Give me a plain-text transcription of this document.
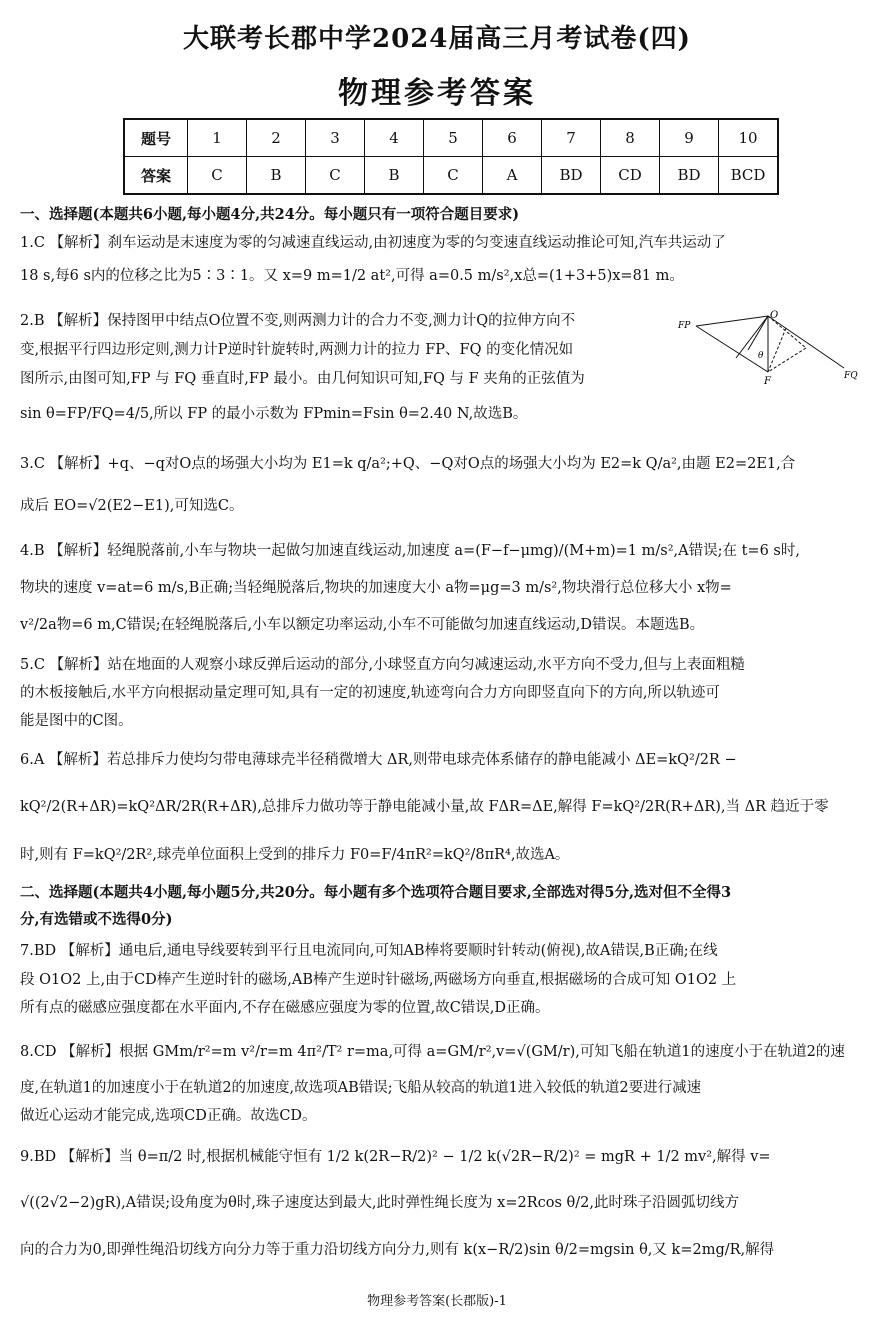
大联考长郡中学2024届高三月考试卷(四)
物理参考答案
题号	1	2	3	4	5	6	7	8	9	10
答案	C	B	C	B	C	A	BD	CD	BD	BCD
一、选择题(本题共6小题,每小题4分,共24分。每小题只有一项符合题目要求)
1.C 【解析】刹车运动是末速度为零的匀减速直线运动,由初速度为零的匀变速直线运动推论可知,汽车共运动了
18 s,每6 s内的位移之比为5∶3∶1。又 x=9 m=1/2 at²,可得 a=0.5 m/s²,x总=(1+3+5)x=81 m。
2.B 【解析】保持图甲中结点O位置不变,则两测力计的合力不变,测力计Q的拉伸方向不
变,根据平行四边形定则,测力计P逆时针旋转时,两测力计的拉力 FP、FQ 的变化情况如
图所示,由图可知,FP 与 FQ 垂直时,FP 最小。由几何知识可知,FQ 与 F 夹角的正弦值为
sin θ=FP/FQ=4/5,所以 FP 的最小示数为 FPmin=Fsin θ=2.40 N,故选B。
O
FP
FQ
F
θ
3.C 【解析】+q、−q对O点的场强大小均为 E1=k q/a²;+Q、−Q对O点的场强大小均为 E2=k Q/a²,由题 E2=2E1,合
成后 EO=√2(E2−E1),可知选C。
4.B 【解析】轻绳脱落前,小车与物块一起做匀加速直线运动,加速度 a=(F−f−μmg)/(M+m)=1 m/s²,A错误;在 t=6 s时,
物块的速度 v=at=6 m/s,B正确;当轻绳脱落后,物块的加速度大小 a物=μg=3 m/s²,物块滑行总位移大小 x物=
v²/2a物=6 m,C错误;在轻绳脱落后,小车以额定功率运动,小车不可能做匀加速直线运动,D错误。本题选B。
5.C 【解析】站在地面的人观察小球反弹后运动的部分,小球竖直方向匀减速运动,水平方向不受力,但与上表面粗糙
的木板接触后,水平方向根据动量定理可知,具有一定的初速度,轨迹弯向合力方向即竖直向下的方向,所以轨迹可
能是图中的C图。
6.A 【解析】若总排斥力使均匀带电薄球壳半径稍微增大 ΔR,则带电球壳体系储存的静电能减小 ΔE=kQ²/2R −
kQ²/2(R+ΔR)=kQ²ΔR/2R(R+ΔR),总排斥力做功等于静电能减小量,故 FΔR=ΔE,解得 F=kQ²/2R(R+ΔR),当 ΔR 趋近于零
时,则有 F=kQ²/2R²,球壳单位面积上受到的排斥力 F0=F/4πR²=kQ²/8πR⁴,故选A。
二、选择题(本题共4小题,每小题5分,共20分。每小题有多个选项符合题目要求,全部选对得5分,选对但不全得3
分,有选错或不选得0分)
7.BD 【解析】通电后,通电导线要转到平行且电流同向,可知AB棒将要顺时针转动(俯视),故A错误,B正确;在线
段 O1O2 上,由于CD棒产生逆时针的磁场,AB棒产生逆时针磁场,两磁场方向垂直,根据磁场的合成可知 O1O2 上
所有点的磁感应强度都在水平面内,不存在磁感应强度为零的位置,故C错误,D正确。
8.CD 【解析】根据 GMm/r²=m v²/r=m 4π²/T² r=ma,可得 a=GM/r²,v=√(GM/r),可知飞船在轨道1的速度小于在轨道2的速
度,在轨道1的加速度小于在轨道2的加速度,故选项AB错误;飞船从较高的轨道1进入较低的轨道2要进行减速
做近心运动才能完成,选项CD正确。故选CD。
9.BD 【解析】当 θ=π/2 时,根据机械能守恒有 1/2 k(2R−R/2)² − 1/2 k(√2R−R/2)² = mgR + 1/2 mv²,解得 v=
√((2√2−2)gR),A错误;设角度为θ时,珠子速度达到最大,此时弹性绳长度为 x=2Rcos θ/2,此时珠子沿圆弧切线方
向的合力为0,即弹性绳沿切线方向分力等于重力沿切线方向分力,则有 k(x−R/2)sin θ/2=mgsin θ,又 k=2mg/R,解得
物理参考答案(长郡版)-1
